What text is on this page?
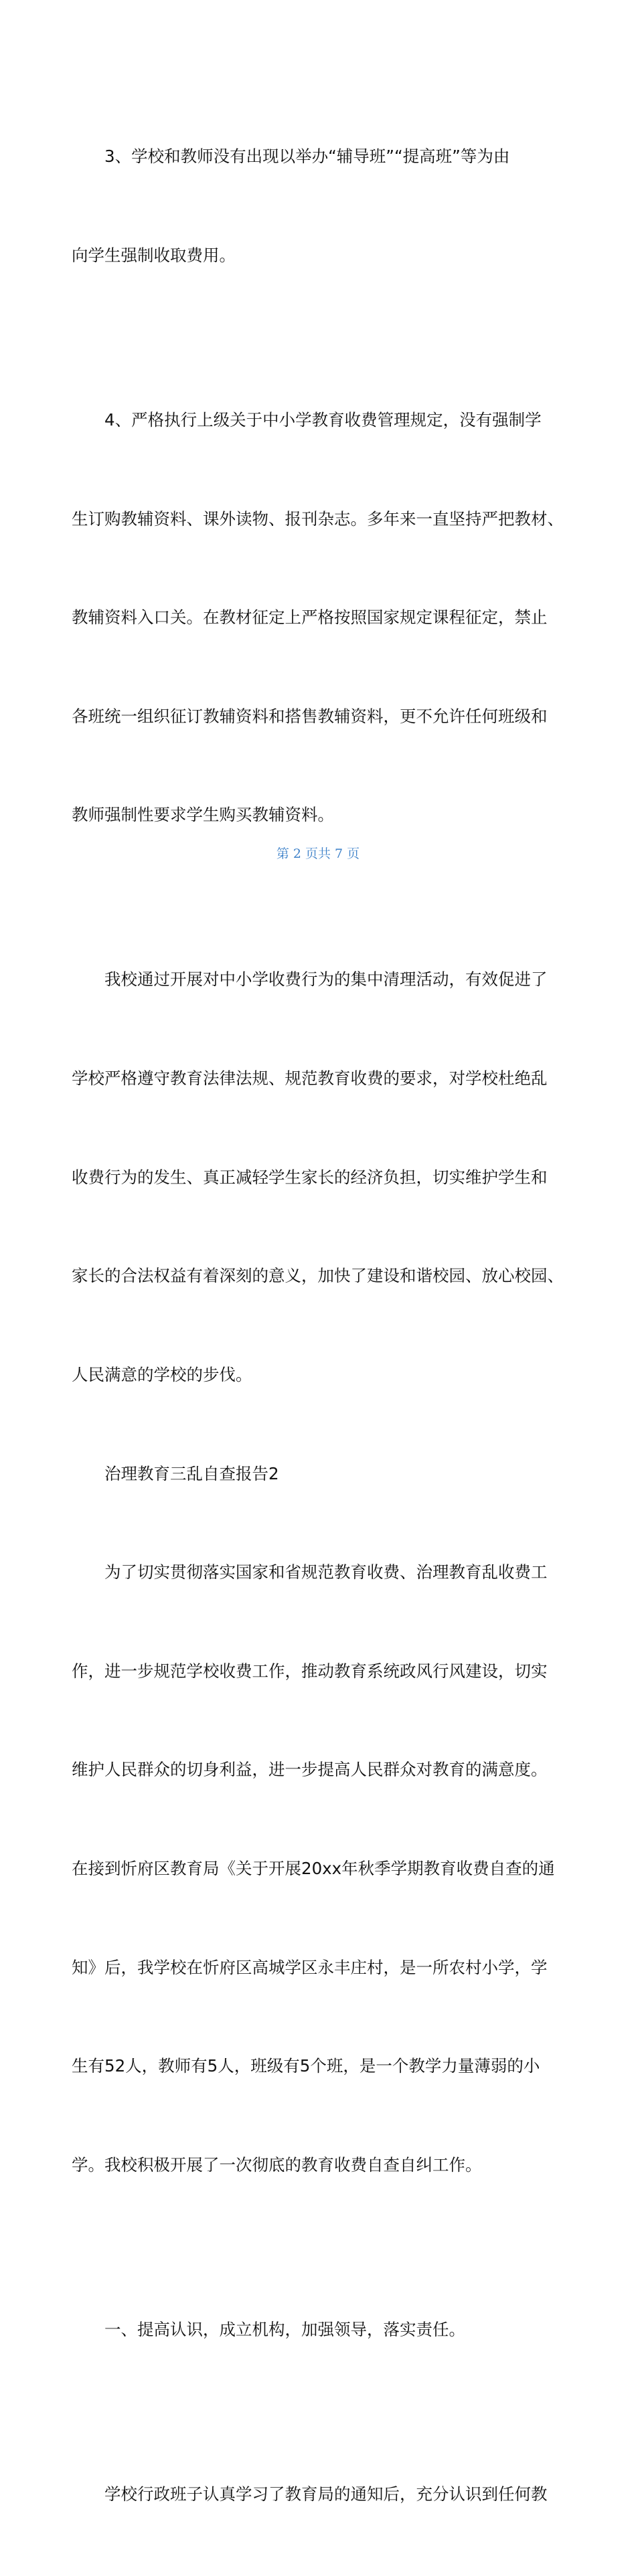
3、学校和教师没有出现以举办“辅导班”“提高班”等为由

向学生强制收取费用。

4、严格执行上级关于中小学教育收费管理规定，没有强制学

生订购教辅资料、课外读物、报刊杂志。多年来一直坚持严把教材、

教辅资料入口关。在教材征定上严格按照国家规定课程征定，禁止

各班统一组织征订教辅资料和搭售教辅资料，更不允许任何班级和

教师强制性要求学生购买教辅资料。

我校通过开展对中小学收费行为的集中清理活动，有效促进了

学校严格遵守教育法律法规、规范教育收费的要求，对学校杜绝乱

收费行为的发生、真正减轻学生家长的经济负担，切实维护学生和

家长的合法权益有着深刻的意义，加快了建设和谐校园、放心校园、

人民满意的学校的步伐。

治理教育三乱自查报告2

为了切实贯彻落实国家和省规范教育收费、治理教育乱收费工

作，进一步规范学校收费工作，推动教育系统政风行风建设，切实

维护人民群众的切身利益，进一步提高人民群众对教育的满意度。

在接到忻府区教育局《关于开展20xx年秋季学期教育收费自查的通

知》后，我学校在忻府区高城学区永丰庄村，是一所农村小学，学

生有52人，教师有5人，班级有5个班，是一个教学力量薄弱的小

学。我校积极开展了一次彻底的教育收费自查自纠工作。

一、提高认识，成立机构，加强领导，落实责任。

学校行政班子认真学习了教育局的通知后，充分认识到任何教

第 2 页共 7 页
